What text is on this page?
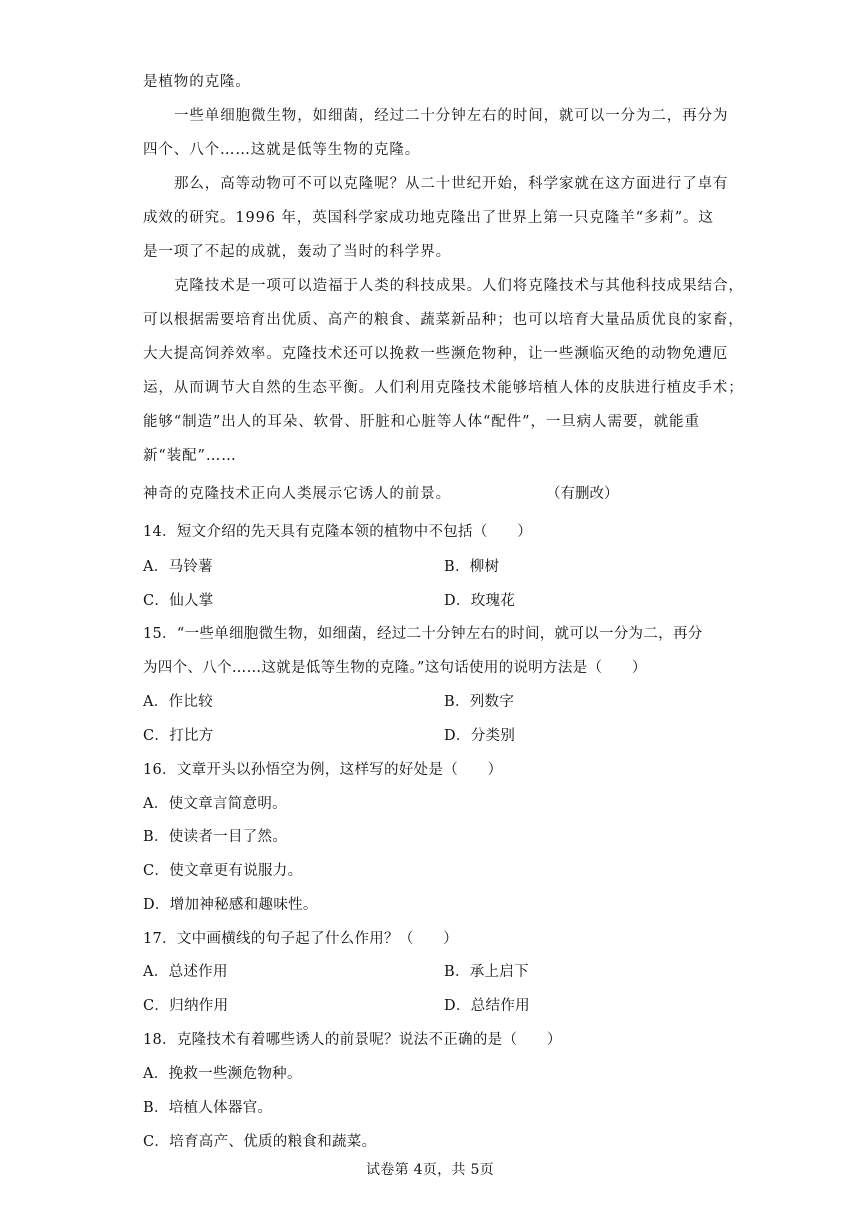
是植物的克隆。
一些单细胞微生物，如细菌，经过二十分钟左右的时间，就可以一分为二，再分为
四个、八个……这就是低等生物的克隆。
那么，高等动物可不可以克隆呢？从二十世纪开始，科学家就在这方面进行了卓有
成效的研究。1996 年，英国科学家成功地克隆出了世界上第一只克隆羊“多莉”。这
是一项了不起的成就，轰动了当时的科学界。
克隆技术是一项可以造福于人类的科技成果。人们将克隆技术与其他科技成果结合，
可以根据需要培育出优质、高产的粮食、蔬菜新品种；也可以培育大量品质优良的家畜，
大大提高饲养效率。克隆技术还可以挽救一些濒危物种，让一些濒临灭绝的动物免遭厄
运，从而调节大自然的生态平衡。人们利用克隆技术能够培植人体的皮肤进行植皮手术；
能够“制造”出人的耳朵、软骨、肝脏和心脏等人体“配件”，一旦病人需要，就能重
新“装配”……
神奇的克隆技术正向人类展示它诱人的前景。	（有删改）
14．短文介绍的先天具有克隆本领的植物中不包括（　　）
A．马铃薯	B．柳树
C．仙人掌	D．玫瑰花
15．“一些单细胞微生物，如细菌，经过二十分钟左右的时间，就可以一分为二，再分
为四个、八个……这就是低等生物的克隆。”这句话使用的说明方法是（　　）
A．作比较	B．列数字
C．打比方	D．分类别
16．文章开头以孙悟空为例，这样写的好处是（　　）
A．使文章言简意明。
B．使读者一目了然。
C．使文章更有说服力。
D．增加神秘感和趣味性。
17．文中画横线的句子起了什么作用？（　　）
A．总述作用	B．承上启下
C．归纳作用	D．总结作用
18．克隆技术有着哪些诱人的前景呢？说法不正确的是（　　）
A．挽救一些濒危物种。
B．培植人体器官。
C．培育高产、优质的粮食和蔬菜。
试卷第 4页，共 5页
